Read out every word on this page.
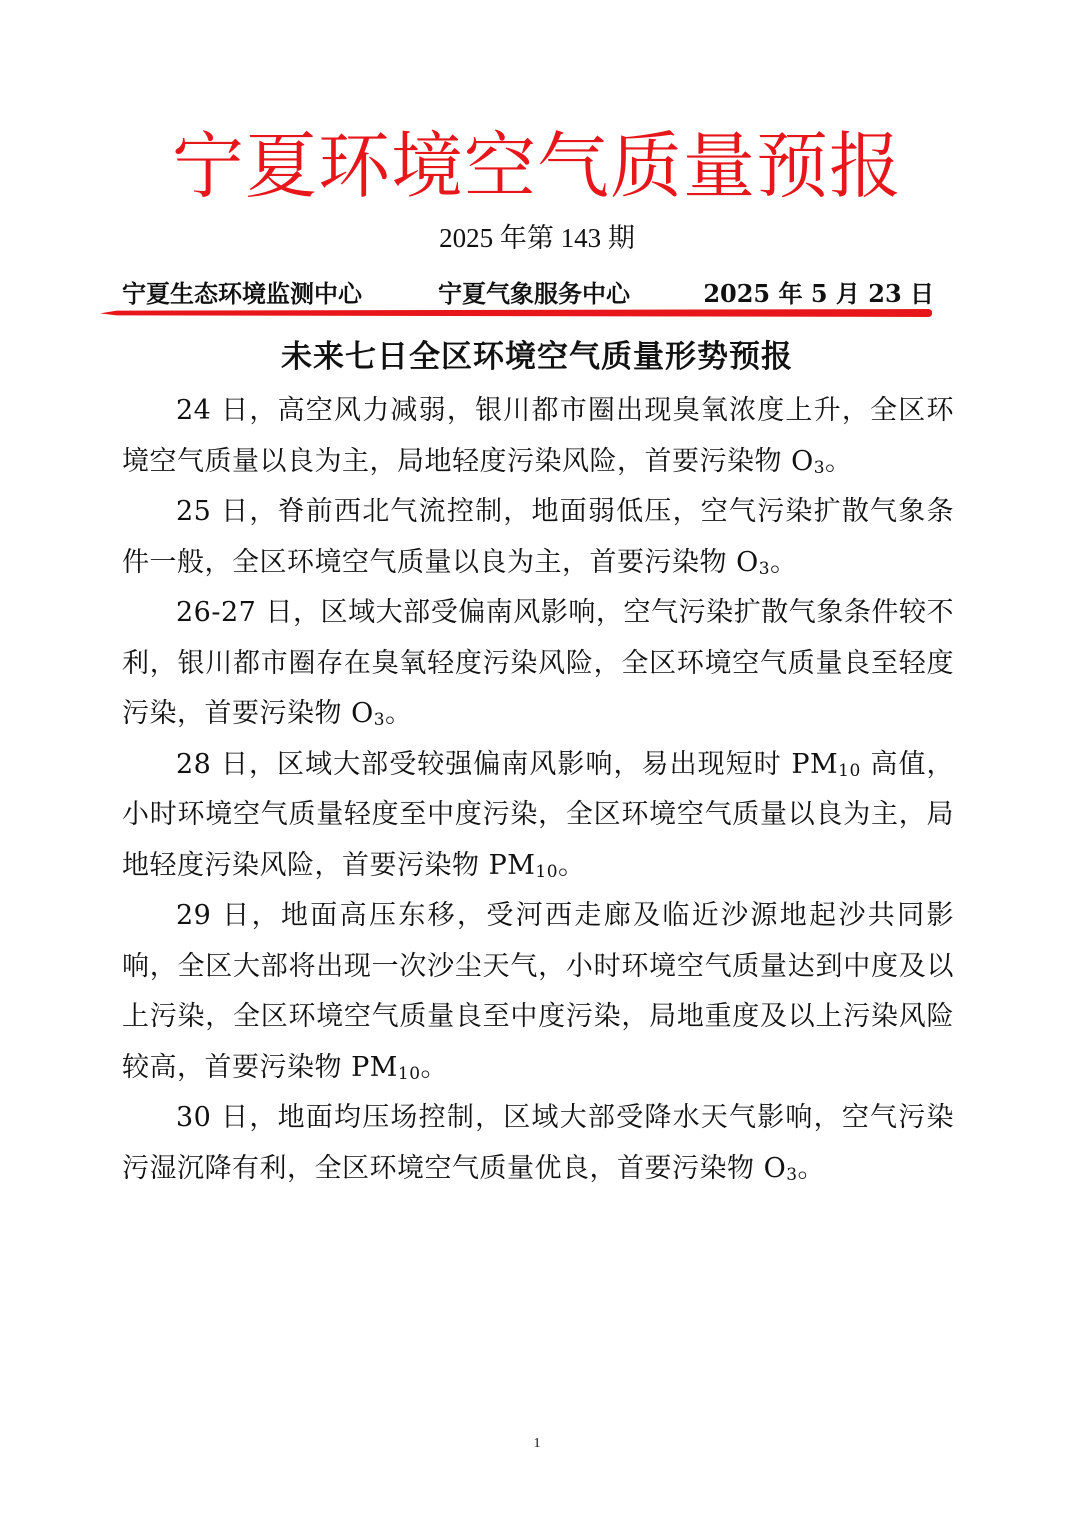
宁夏环境空气质量预报
2025 年第 143 期
宁夏生态环境监测中心	宁夏气象服务中心	2025 年 5 月 23 日
未来七日全区环境空气质量形势预报

24 日，高空风力减弱，银川都市圈出现臭氧浓度上升，全区环境空气质量以良为主，局地轻度污染风险，首要污染物 $O_3$。

25 日，脊前西北气流控制，地面弱低压，空气污染扩散气象条件一般，全区环境空气质量以良为主，首要污染物 $O_3$。

26-27 日，区域大部受偏南风影响，空气污染扩散气象条件较不利，银川都市圈存在臭氧轻度污染风险，全区环境空气质量良至轻度污染，首要污染物 $O_3$。

28 日，区域大部受较强偏南风影响，易出现短时 $PM_{10}$ 高值，小时环境空气质量轻度至中度污染，全区环境空气质量以良为主，局地轻度污染风险，首要污染物 $PM_{10}$。

29 日，地面高压东移，受河西走廊及临近沙源地起沙共同影响，全区大部将出现一次沙尘天气，小时环境空气质量达到中度及以上污染，全区环境空气质量良至中度污染，局地重度及以上污染风险较高，首要污染物 $PM_{10}$。

30 日，地面均压场控制，区域大部受降水天气影响，空气污染污湿沉降有利，全区环境空气质量优良，首要污染物 $O_3$。

1
